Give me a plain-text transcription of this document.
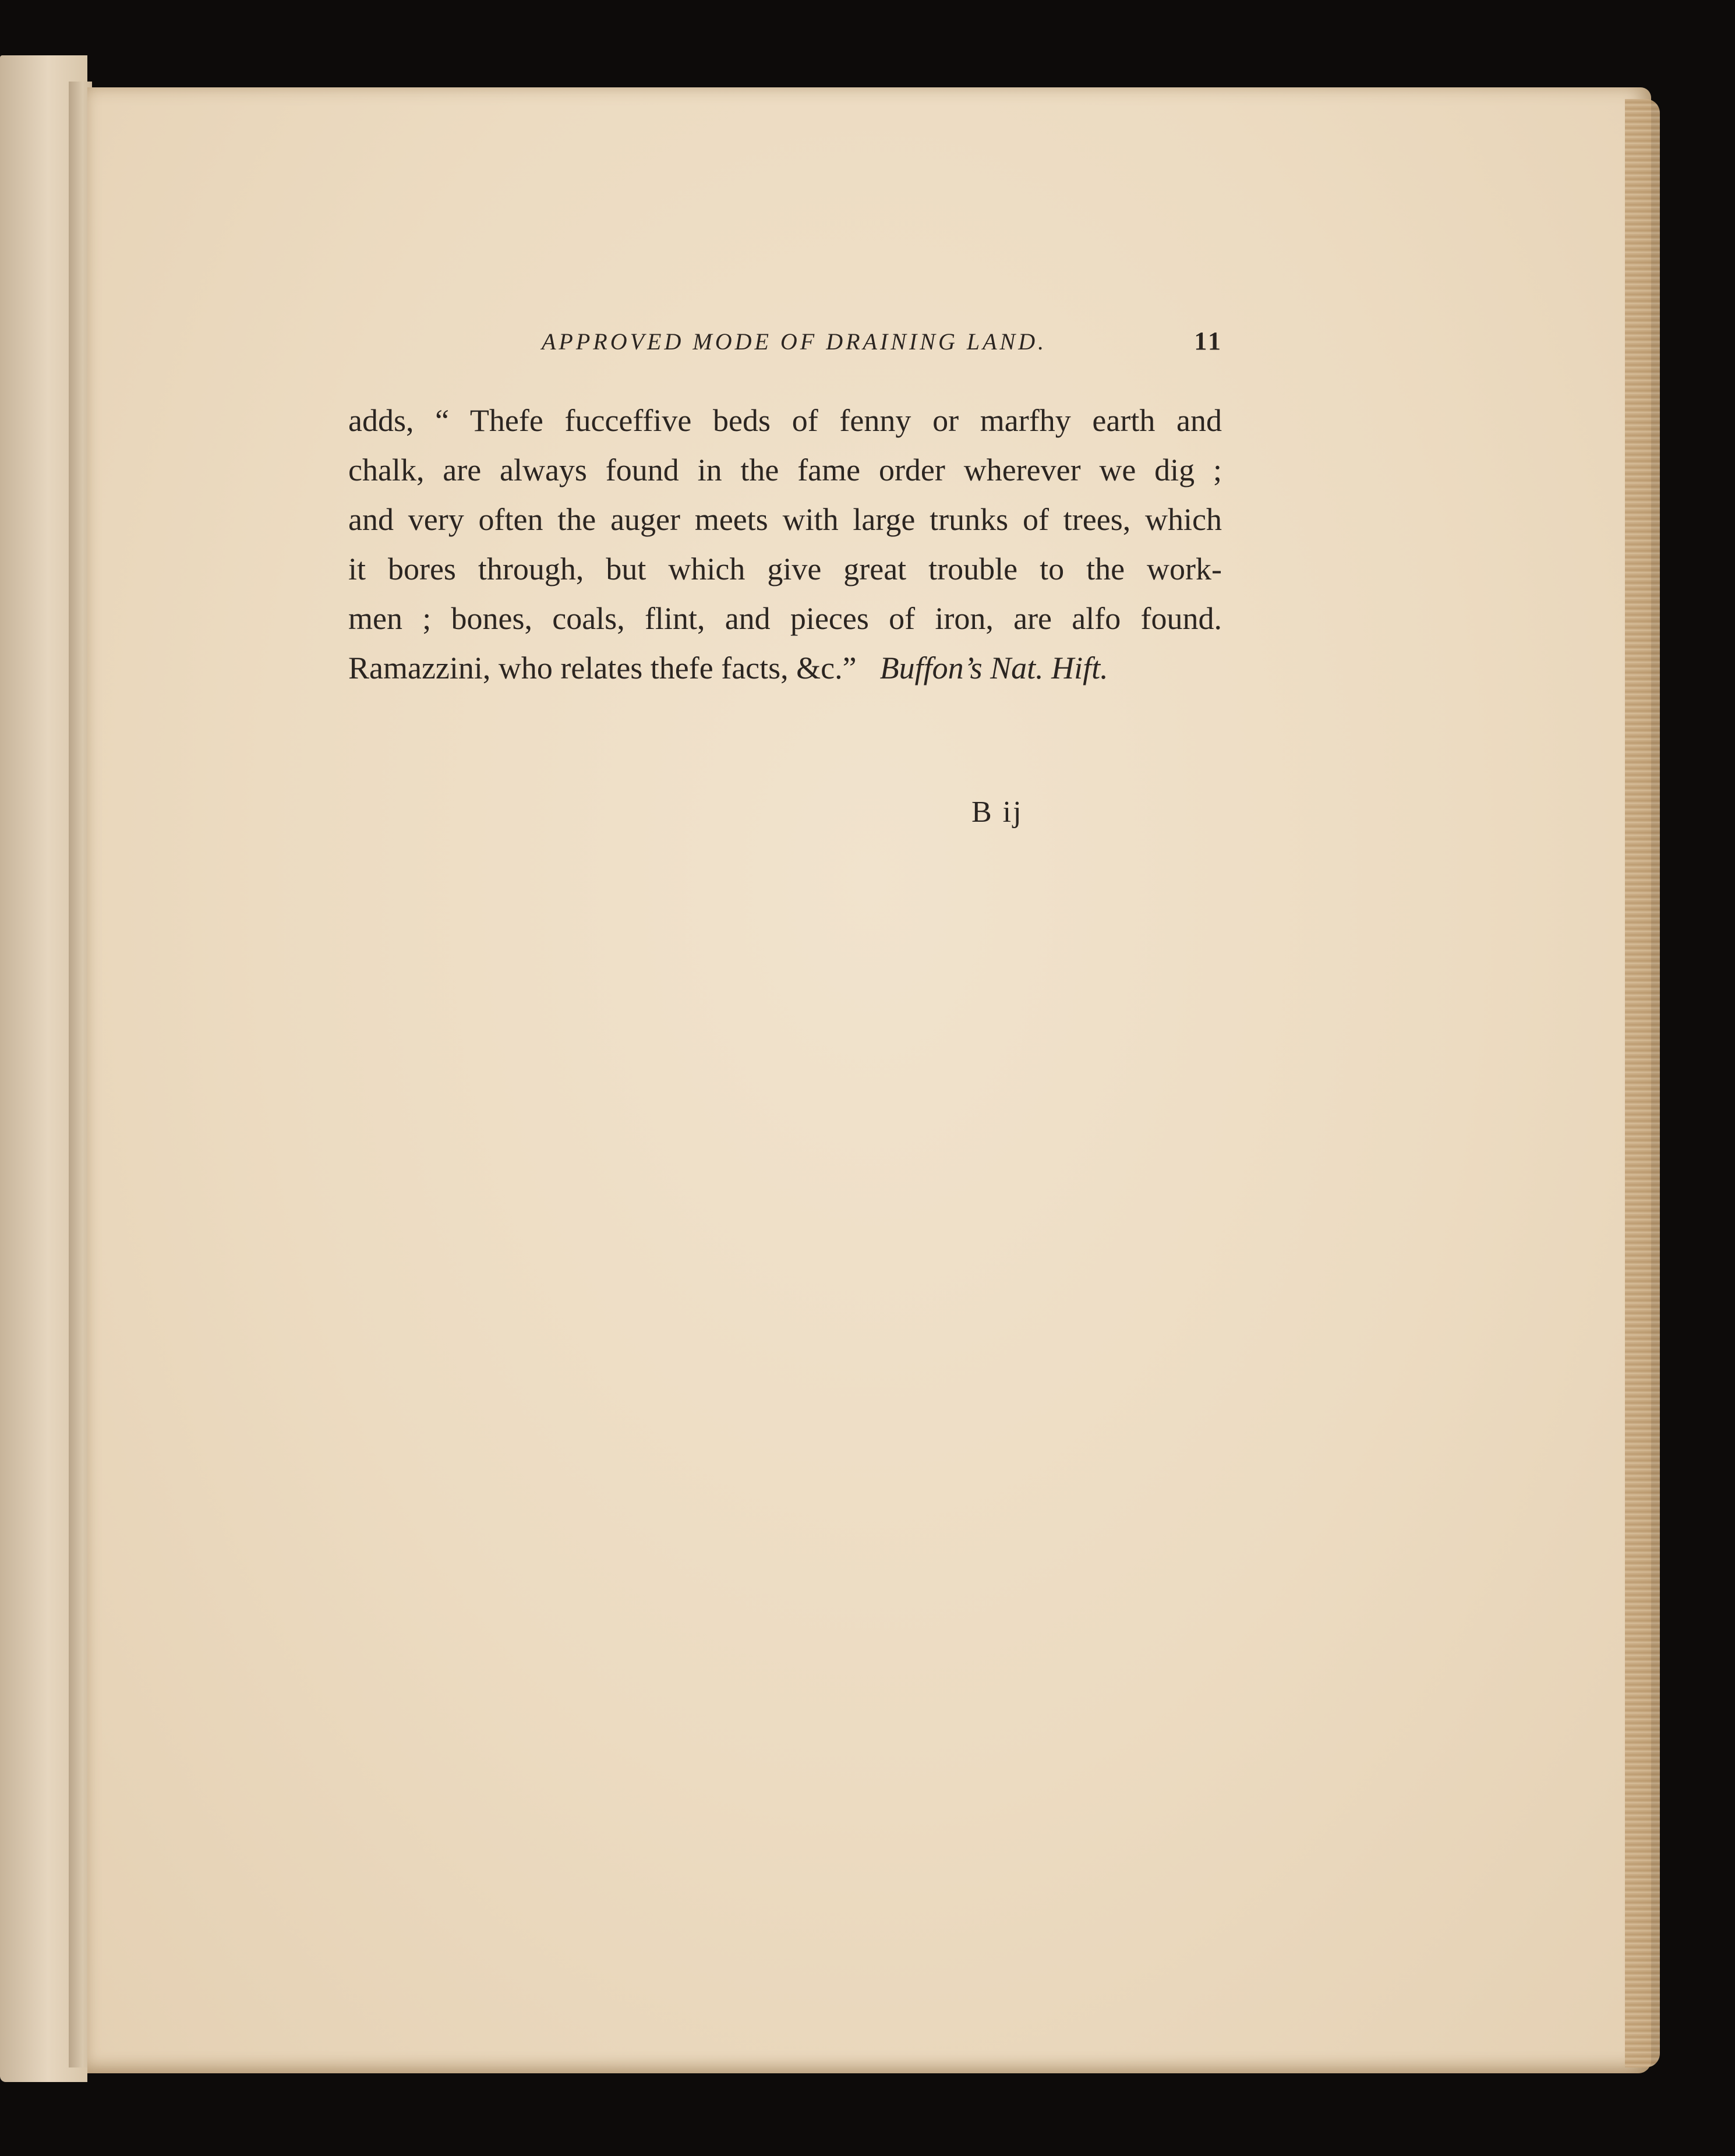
APPROVED MODE OF DRAINING LAND.	11
adds, “ Thefe fucceffive beds of fenny or marfhy earth and
chalk, are always found in the fame order wherever we dig ;
and very often the auger meets with large trunks of trees, which
it bores through, but which give great trouble to the work-
men ; bones, coals, flint, and pieces of iron, are alfo found.
Ramazzini, who relates thefe facts, &c.” Buffon’s Nat. Hift.
B ij
